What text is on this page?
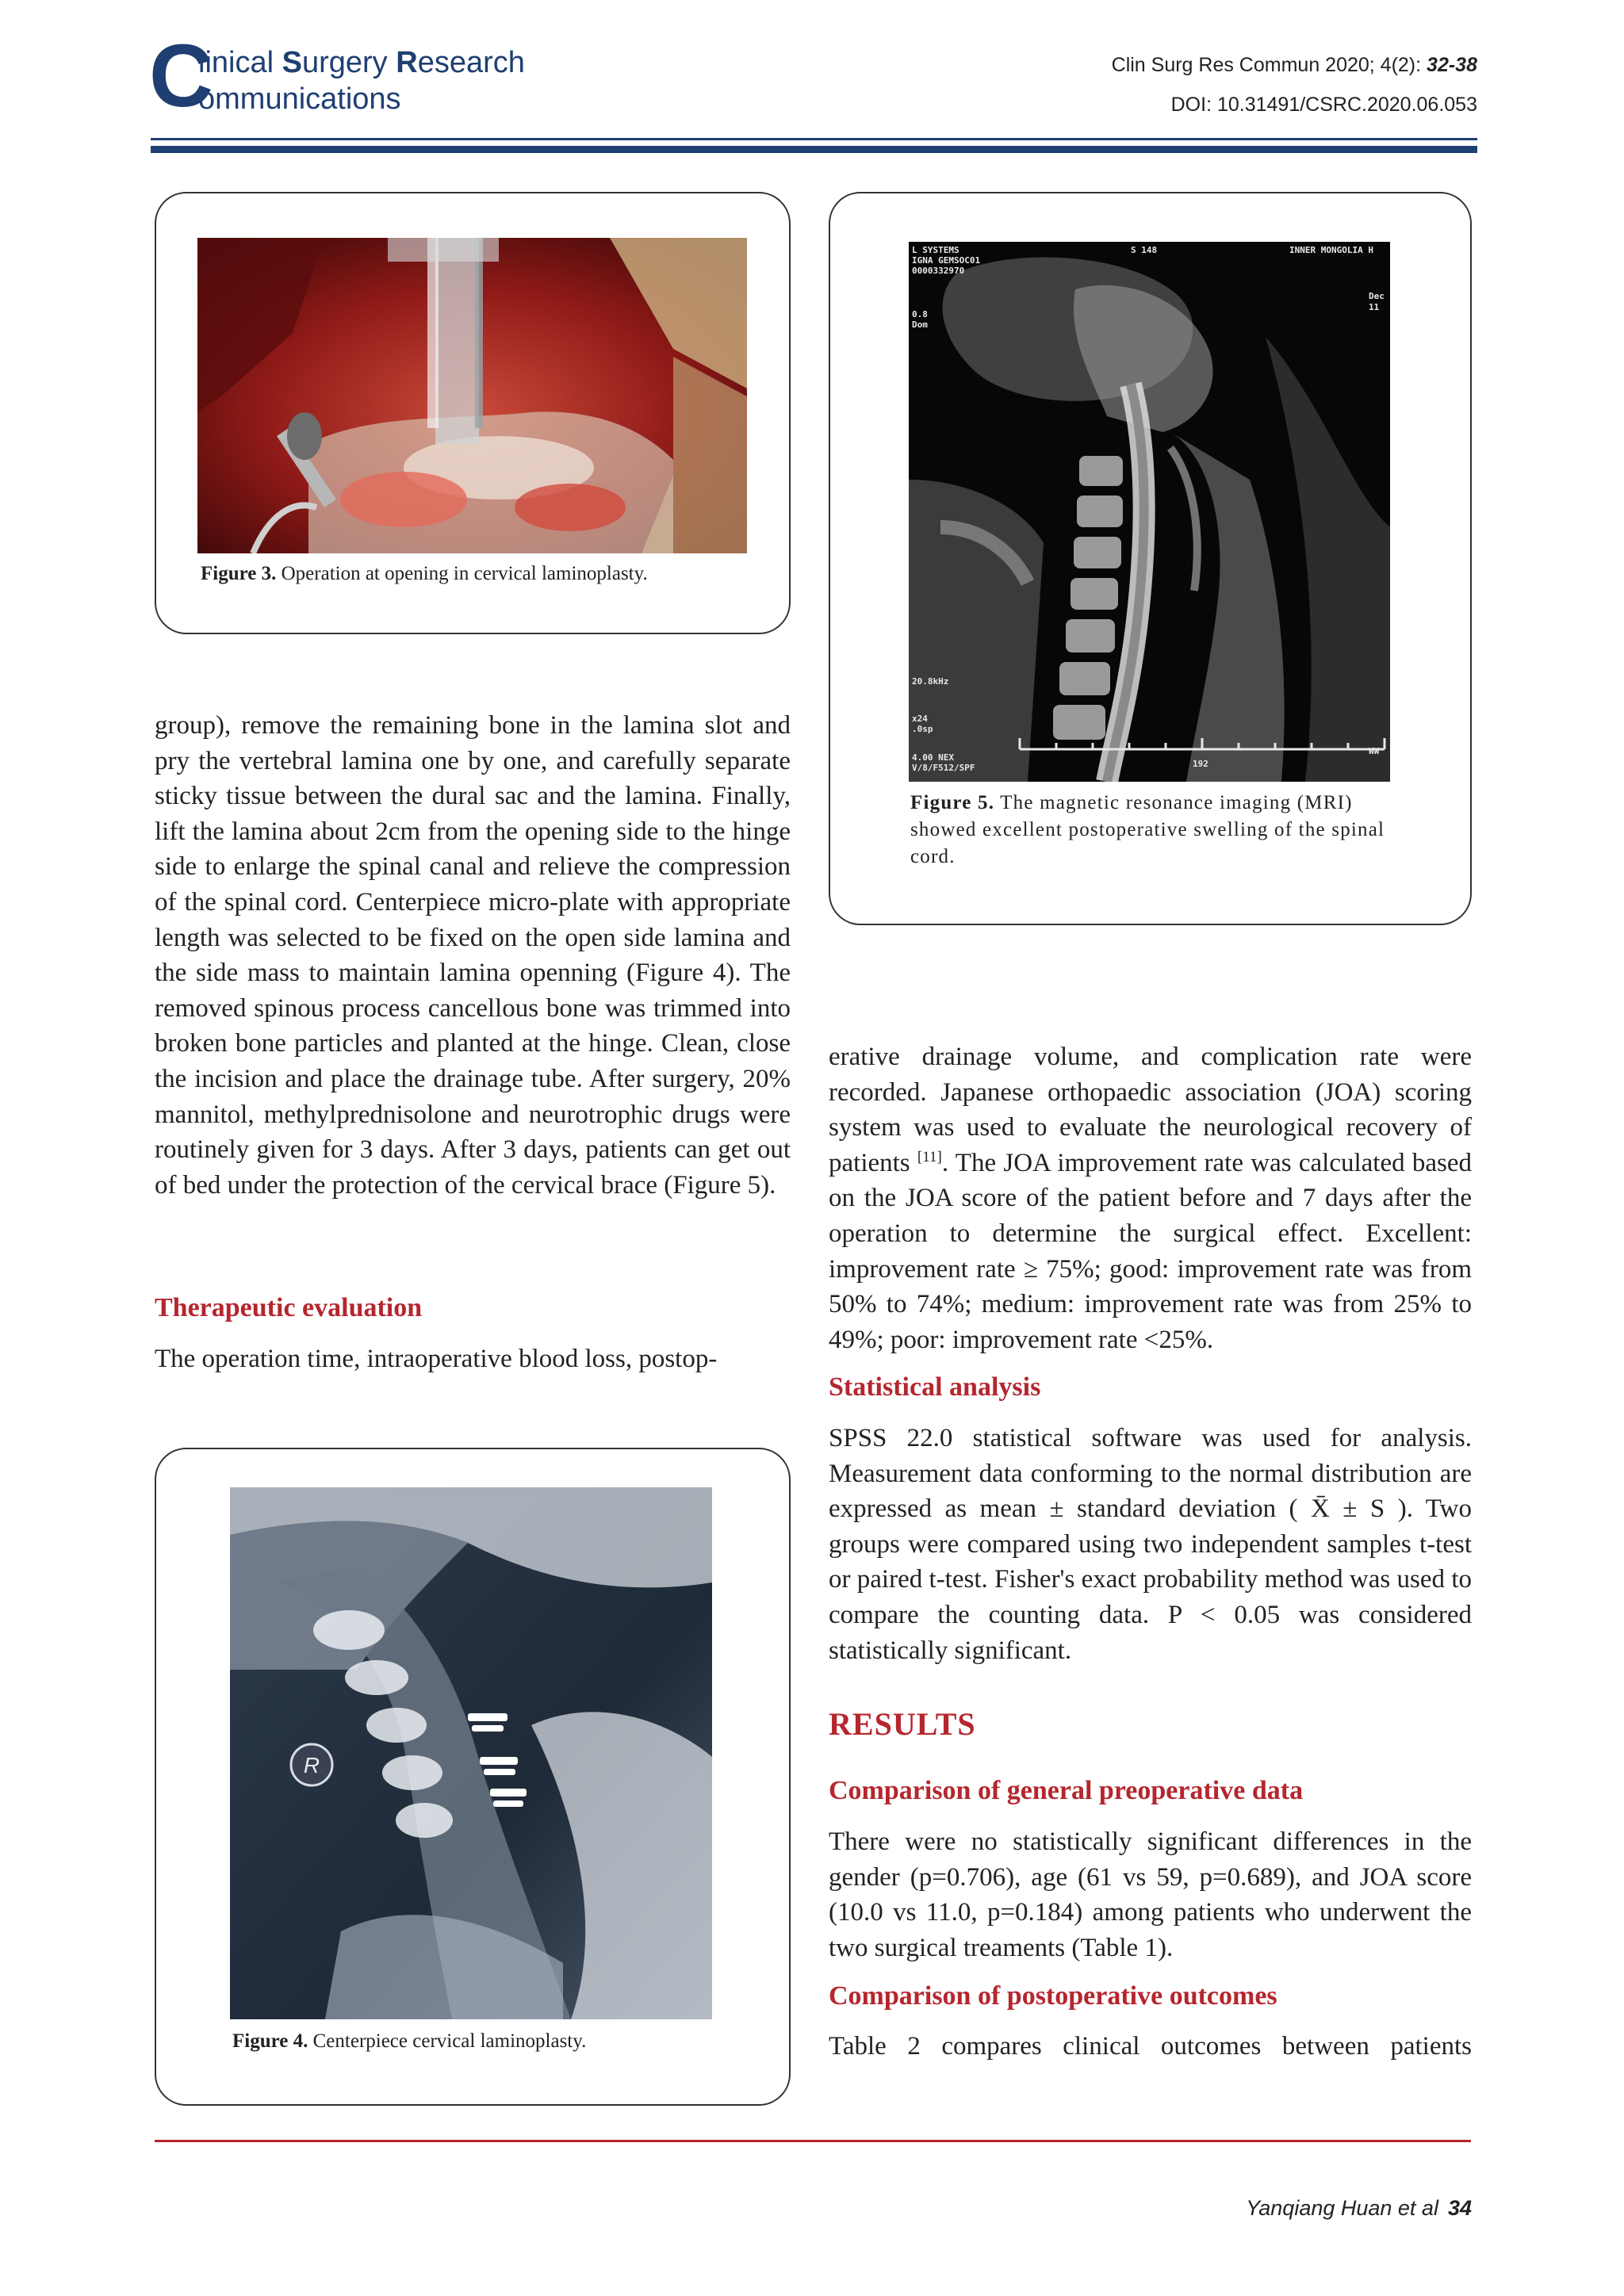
C
linical Surgery Research
ommunications
Clin Surg Res Commun 2020; 4(2): 32-38
DOI: 10.31491/CSRC.2020.06.053
Figure 3. Operation at opening in cervical laminoplasty.
L SYSTEMS
IGNA GEMSOC01
0000332970
S 148	INNER MONGOLIA H
0.8
Dom
Dec
11
20.8kHz
x24
.0sp
4.00 NEX
V/8/F512/SPF	192
WW
Figure 5. The magnetic resonance imaging (MRI) showed excellent postoperative swelling of the spinal cord.
group), remove the remaining bone in the lamina slot and pry the vertebral lamina one by one, and carefully separate sticky tissue between the dural sac and the lamina. Finally, lift the lamina about 2cm from the opening side to the hinge side to enlarge the spinal canal and relieve the compression of the spinal cord. Centerpiece micro-plate with appropriate length was selected to be fixed on the open side lamina and the side mass to maintain lamina openning (Figure 4). The removed spinous process cancellous bone was trimmed into broken bone particles and planted at the hinge. Clean, close the incision and place the drainage tube. After surgery, 20% mannitol, methylprednisolone and neurotrophic drugs were routinely given for 3 days. After 3 days, patients can get out of bed under the protection of the cervical brace (Figure 5).
Therapeutic evaluation
The operation time, intraoperative blood loss, postop-
R
Figure 4. Centerpiece cervical laminoplasty.
erative drainage volume, and complication rate were recorded. Japanese orthopaedic association (JOA) scoring system was used to evaluate the neurological recovery of patients [11]. The JOA improvement rate was calculated based on the JOA score of the patient before and 7 days after the operation to determine the surgical effect. Excellent: improvement rate ≥ 75%; good: improvement rate was from 50% to 74%; medium: improvement rate was from 25% to 49%; poor: improvement rate <25%.
Statistical analysis
SPSS 22.0 statistical software was used for analysis. Measurement data conforming to the normal distribution are expressed as mean ± standard deviation ( X̄ ± S ). Two groups were compared using two independent samples t-test or paired t-test. Fisher's exact probability method was used to compare the counting data. P < 0.05 was considered statistically significant.
RESULTS
Comparison of general preoperative data
There were no statistically significant differences in the gender (p=0.706), age (61 vs 59, p=0.689), and JOA score (10.0 vs 11.0, p=0.184) among patients who underwent the two surgical treaments (Table 1).
Comparison of postoperative outcomes
Table 2 compares clinical outcomes between patients
Yanqiang Huan et al 34
